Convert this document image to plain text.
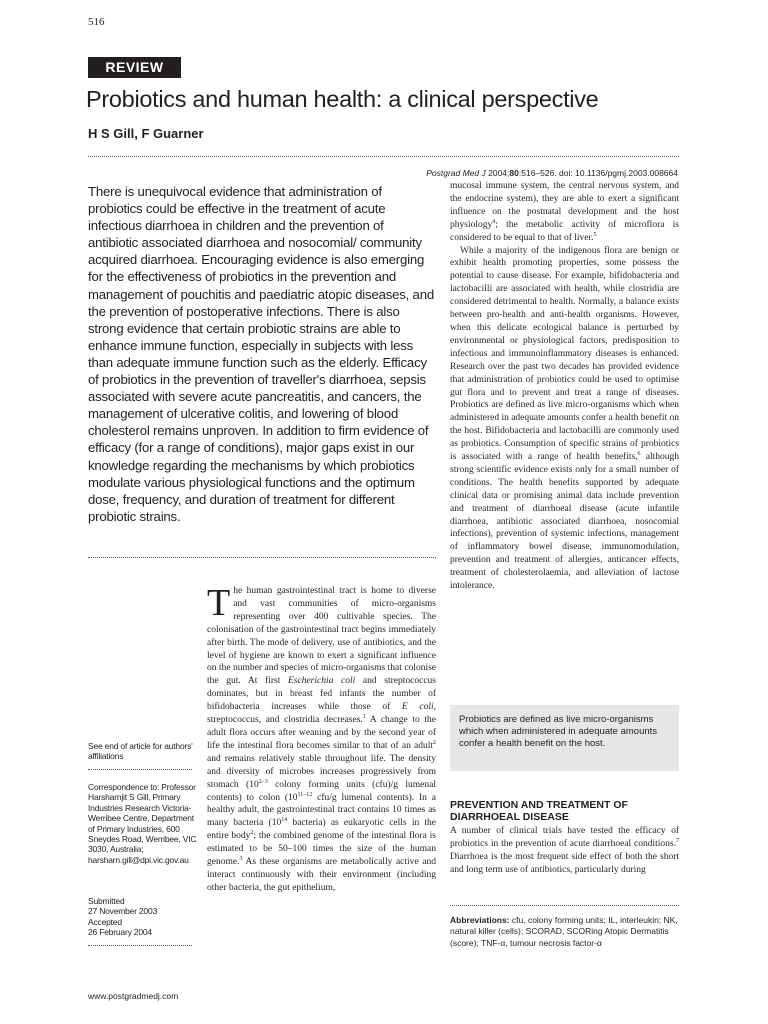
516
REVIEW
Probiotics and human health: a clinical perspective
H S Gill, F Guarner
Postgrad Med J 2004;80:516–526. doi: 10.1136/pgmj.2003.008664
There is unequivocal evidence that administration of probiotics could be effective in the treatment of acute infectious diarrhoea in children and the prevention of antibiotic associated diarrhoea and nosocomial/ community acquired diarrhoea. Encouraging evidence is also emerging for the effectiveness of probiotics in the prevention and management of pouchitis and paediatric atopic diseases, and the prevention of postoperative infections. There is also strong evidence that certain probiotic strains are able to enhance immune function, especially in subjects with less than adequate immune function such as the elderly. Efficacy of probiotics in the prevention of traveller's diarrhoea, sepsis associated with severe acute pancreatitis, and cancers, the management of ulcerative colitis, and lowering of blood cholesterol remains unproven. In addition to firm evidence of efficacy (for a range of conditions), major gaps exist in our knowledge regarding the mechanisms by which probiotics modulate various physiological functions and the optimum dose, frequency, and duration of treatment for different probiotic strains.

mucosal immune system, the central nervous system, and the endocrine system), they are able to exert a significant influence on the postnatal development and the host physiology$^4$; the metabolic activity of microflora is considered to be equal to that of liver.$^5$

While a majority of the indigenous flora are benign or exhibit health promoting properties, some possess the potential to cause disease. For example, bifidobacteria and lactobacilli are associated with health, while clostridia are considered detrimental to health. Normally, a balance exists between pro-health and anti-health organisms. However, when this delicate ecological balance is perturbed by environmental or physiological factors, predisposition to infectious and immunoinflammatory diseases is enhanced. Research over the past two decades has provided evidence that administration of probiotics could be used to optimise gut flora and to prevent and treat a range of diseases. Probiotics are defined as live micro-organisms which when administered in adequate amounts confer a health benefit on the host. Bifidobacteria and lactobacilli are commonly used as probiotics. Consumption of specific strains of probiotics is associated with a range of health benefits,$^6$ although strong scientific evidence exists only for a small number of conditions. The health benefits supported by adequate clinical data or promising animal data include prevention and treatment of diarrhoeal disease (acute infantile diarrhoea, antibiotic associated diarrhoea, nosocomial infections), prevention of systemic infections, management of inflammatory bowel disease, immunomodulation, prevention and treatment of allergies, anticancer effects, treatment of cholesterolaemia, and alleviation of lactose intolerance.

The human gastrointestinal tract is home to diverse and vast communities of micro-organisms representing over 400 cultivable species. The colonisation of the gastrointestinal tract begins immediately after birth. The mode of delivery, use of antibiotics, and the level of hygiene are known to exert a significant influence on the number and species of micro-organisms that colonise the gut. At first Escherichia coli and streptococcus dominates, but in breast fed infants the number of bifidobacteria increases while those of E coli, streptococcus, and clostridia decreases.$^1$ A change to the adult flora occurs after weaning and by the second year of life the intestinal flora becomes similar to that of an adult$^2$ and remains relatively stable throughout life. The density and diversity of microbes increases progressively from stomach (10$^{2-3}$ colony forming units (cfu)/g lumenal contents) to colon (10$^{11-12}$ cfu/g lumenal contents). In a healthy adult, the gastrointestinal tract contains 10 times as many bacteria ($10^{14}$ bacteria) as eukaryotic cells in the entire body$^2$; the combined genome of the intestinal flora is estimated to be 50–100 times the size of the human genome.$^3$ As these organisms are metabolically active and interact continuously with their environment (including other bacteria, the gut epithelium,
See end of article for authors' affiliations
Correspondence to: Professor Harsharnjit S Gill, Primary Industries Research Victoria- Werribee Centre, Department of Primary Industries, 600 Sneydes Road, Werribee, VIC 3030, Australia; harsharn.gill@dpi.vic.gov.au
Submitted
27 November 2003
Accepted
26 February 2004
Probiotics are defined as live micro-organisms which when administered in adequate amounts confer a health benefit on the host.
PREVENTION AND TREATMENT OF DIARRHOEAL DISEASE
A number of clinical trials have tested the efficacy of probiotics in the prevention of acute diarrhoeal conditions.$^7$ Diarrhoea is the most frequent side effect of both the short and long term use of antibiotics, particularly during
Abbreviations: cfu, colony forming units; IL, interleukin; NK, natural killer (cells); SCORAD, SCORing Atopic Dermatitis (score); TNF-α, tumour necrosis factor-α
www.postgradmedj.com
